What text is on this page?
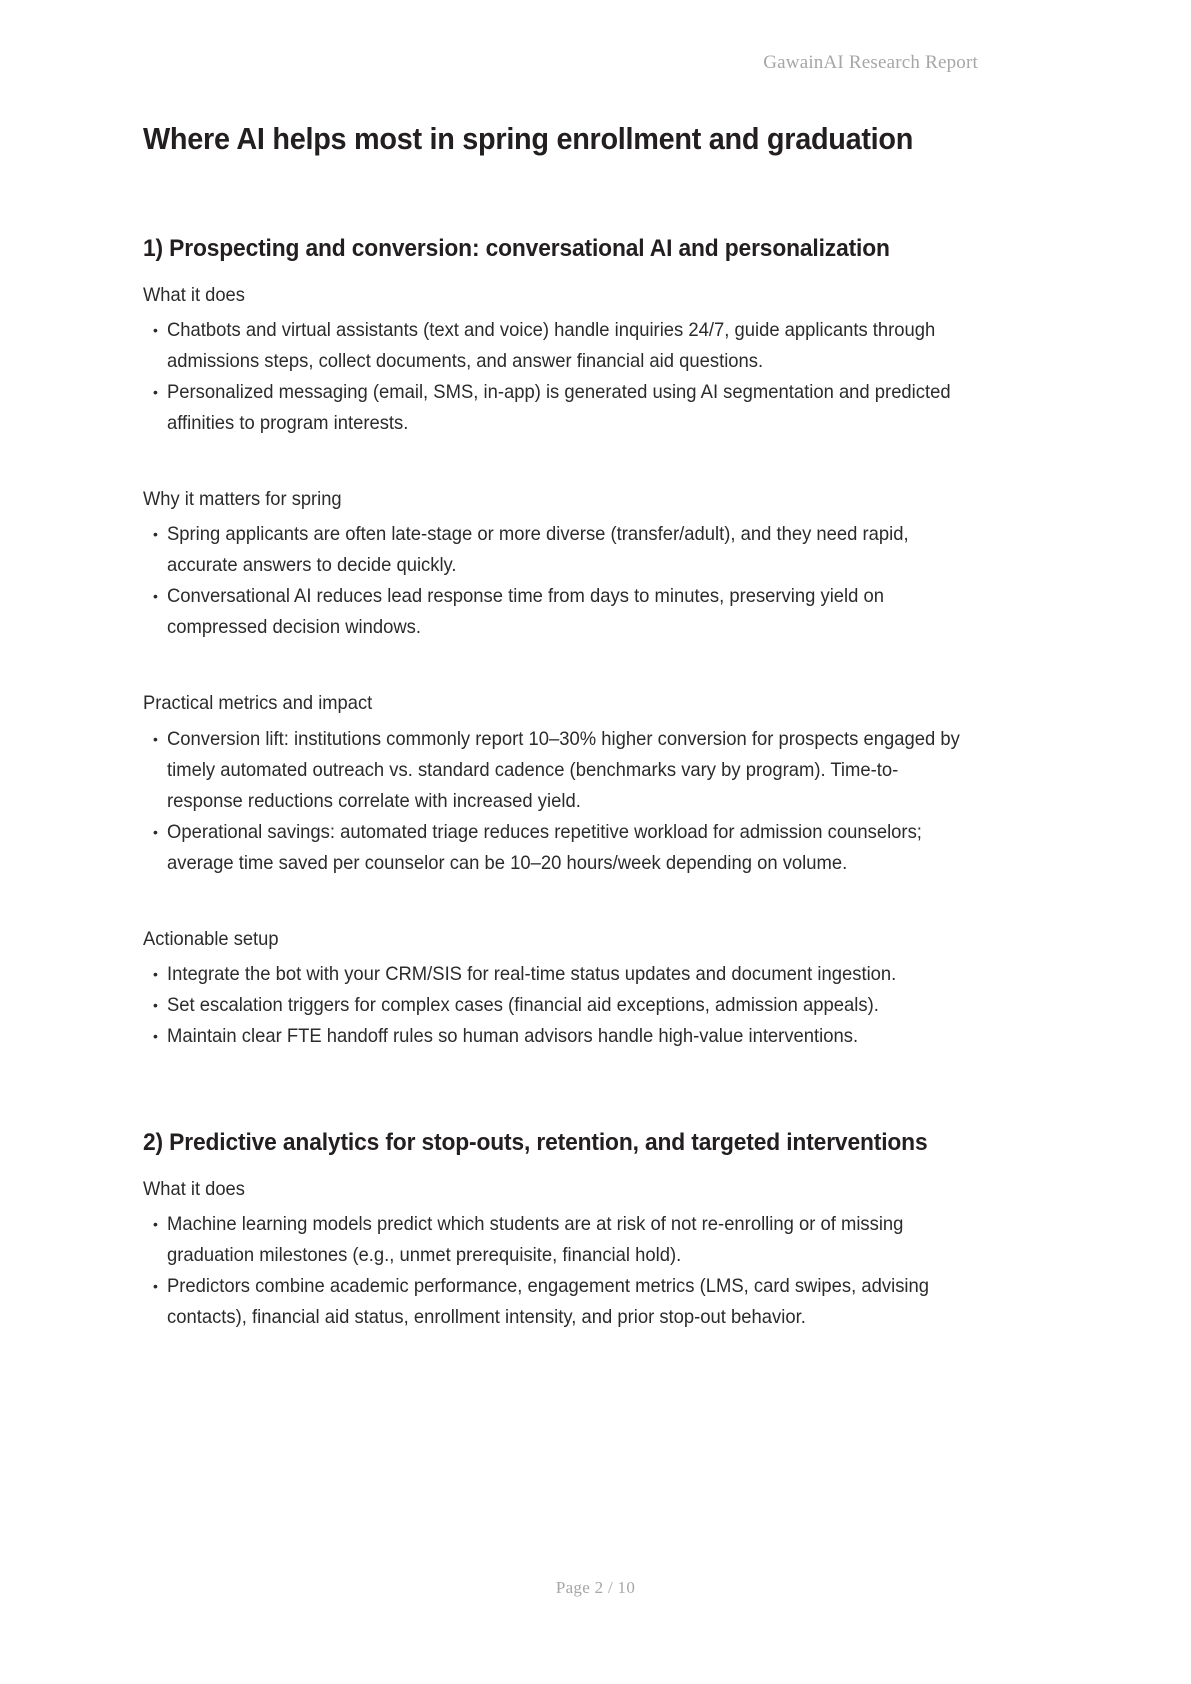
GawainAI Research Report
Where AI helps most in spring enrollment and graduation
1) Prospecting and conversion: conversational AI and personalization
What it does
• Chatbots and virtual assistants (text and voice) handle inquiries 24/7, guide applicants through admissions steps, collect documents, and answer financial aid questions.
• Personalized messaging (email, SMS, in-app) is generated using AI segmentation and predicted affinities to program interests.
Why it matters for spring
• Spring applicants are often late-stage or more diverse (transfer/adult), and they need rapid, accurate answers to decide quickly.
• Conversational AI reduces lead response time from days to minutes, preserving yield on compressed decision windows.
Practical metrics and impact
• Conversion lift: institutions commonly report 10–30% higher conversion for prospects engaged by timely automated outreach vs. standard cadence (benchmarks vary by program). Time-to-response reductions correlate with increased yield.
• Operational savings: automated triage reduces repetitive workload for admission counselors; average time saved per counselor can be 10–20 hours/week depending on volume.
Actionable setup
• Integrate the bot with your CRM/SIS for real-time status updates and document ingestion.
• Set escalation triggers for complex cases (financial aid exceptions, admission appeals).
• Maintain clear FTE handoff rules so human advisors handle high-value interventions.
2) Predictive analytics for stop-outs, retention, and targeted interventions
What it does
• Machine learning models predict which students are at risk of not re-enrolling or of missing graduation milestones (e.g., unmet prerequisite, financial hold).
• Predictors combine academic performance, engagement metrics (LMS, card swipes, advising contacts), financial aid status, enrollment intensity, and prior stop-out behavior.
Page 2 / 10
